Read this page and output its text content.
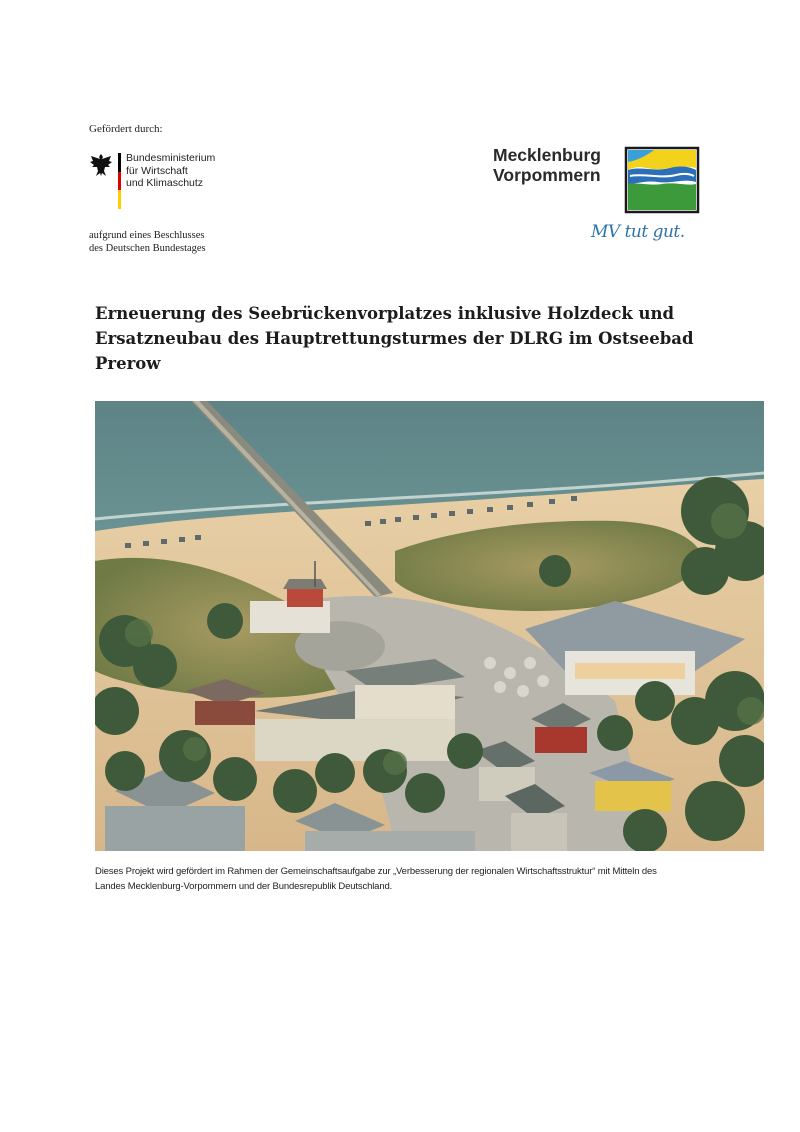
Gefördert durch:
Bundesministerium
für Wirtschaft
und Klimaschutz
aufgrund eines Beschlusses
des Deutschen Bundestages
Mecklenburg
Vorpommern
MV tut gut.
Erneuerung des Seebrückenvorplatzes inklusive Holzdeck und
Ersatzneubau des Hauptrettungsturmes der DLRG im Ostseebad
Prerow
Dieses Projekt wird gefördert im Rahmen der Gemeinschaftsaufgabe zur „Verbesserung der regionalen Wirtschaftsstruktur“ mit Mitteln des
Landes Mecklenburg-Vorpommern und der Bundesrepublik Deutschland.
